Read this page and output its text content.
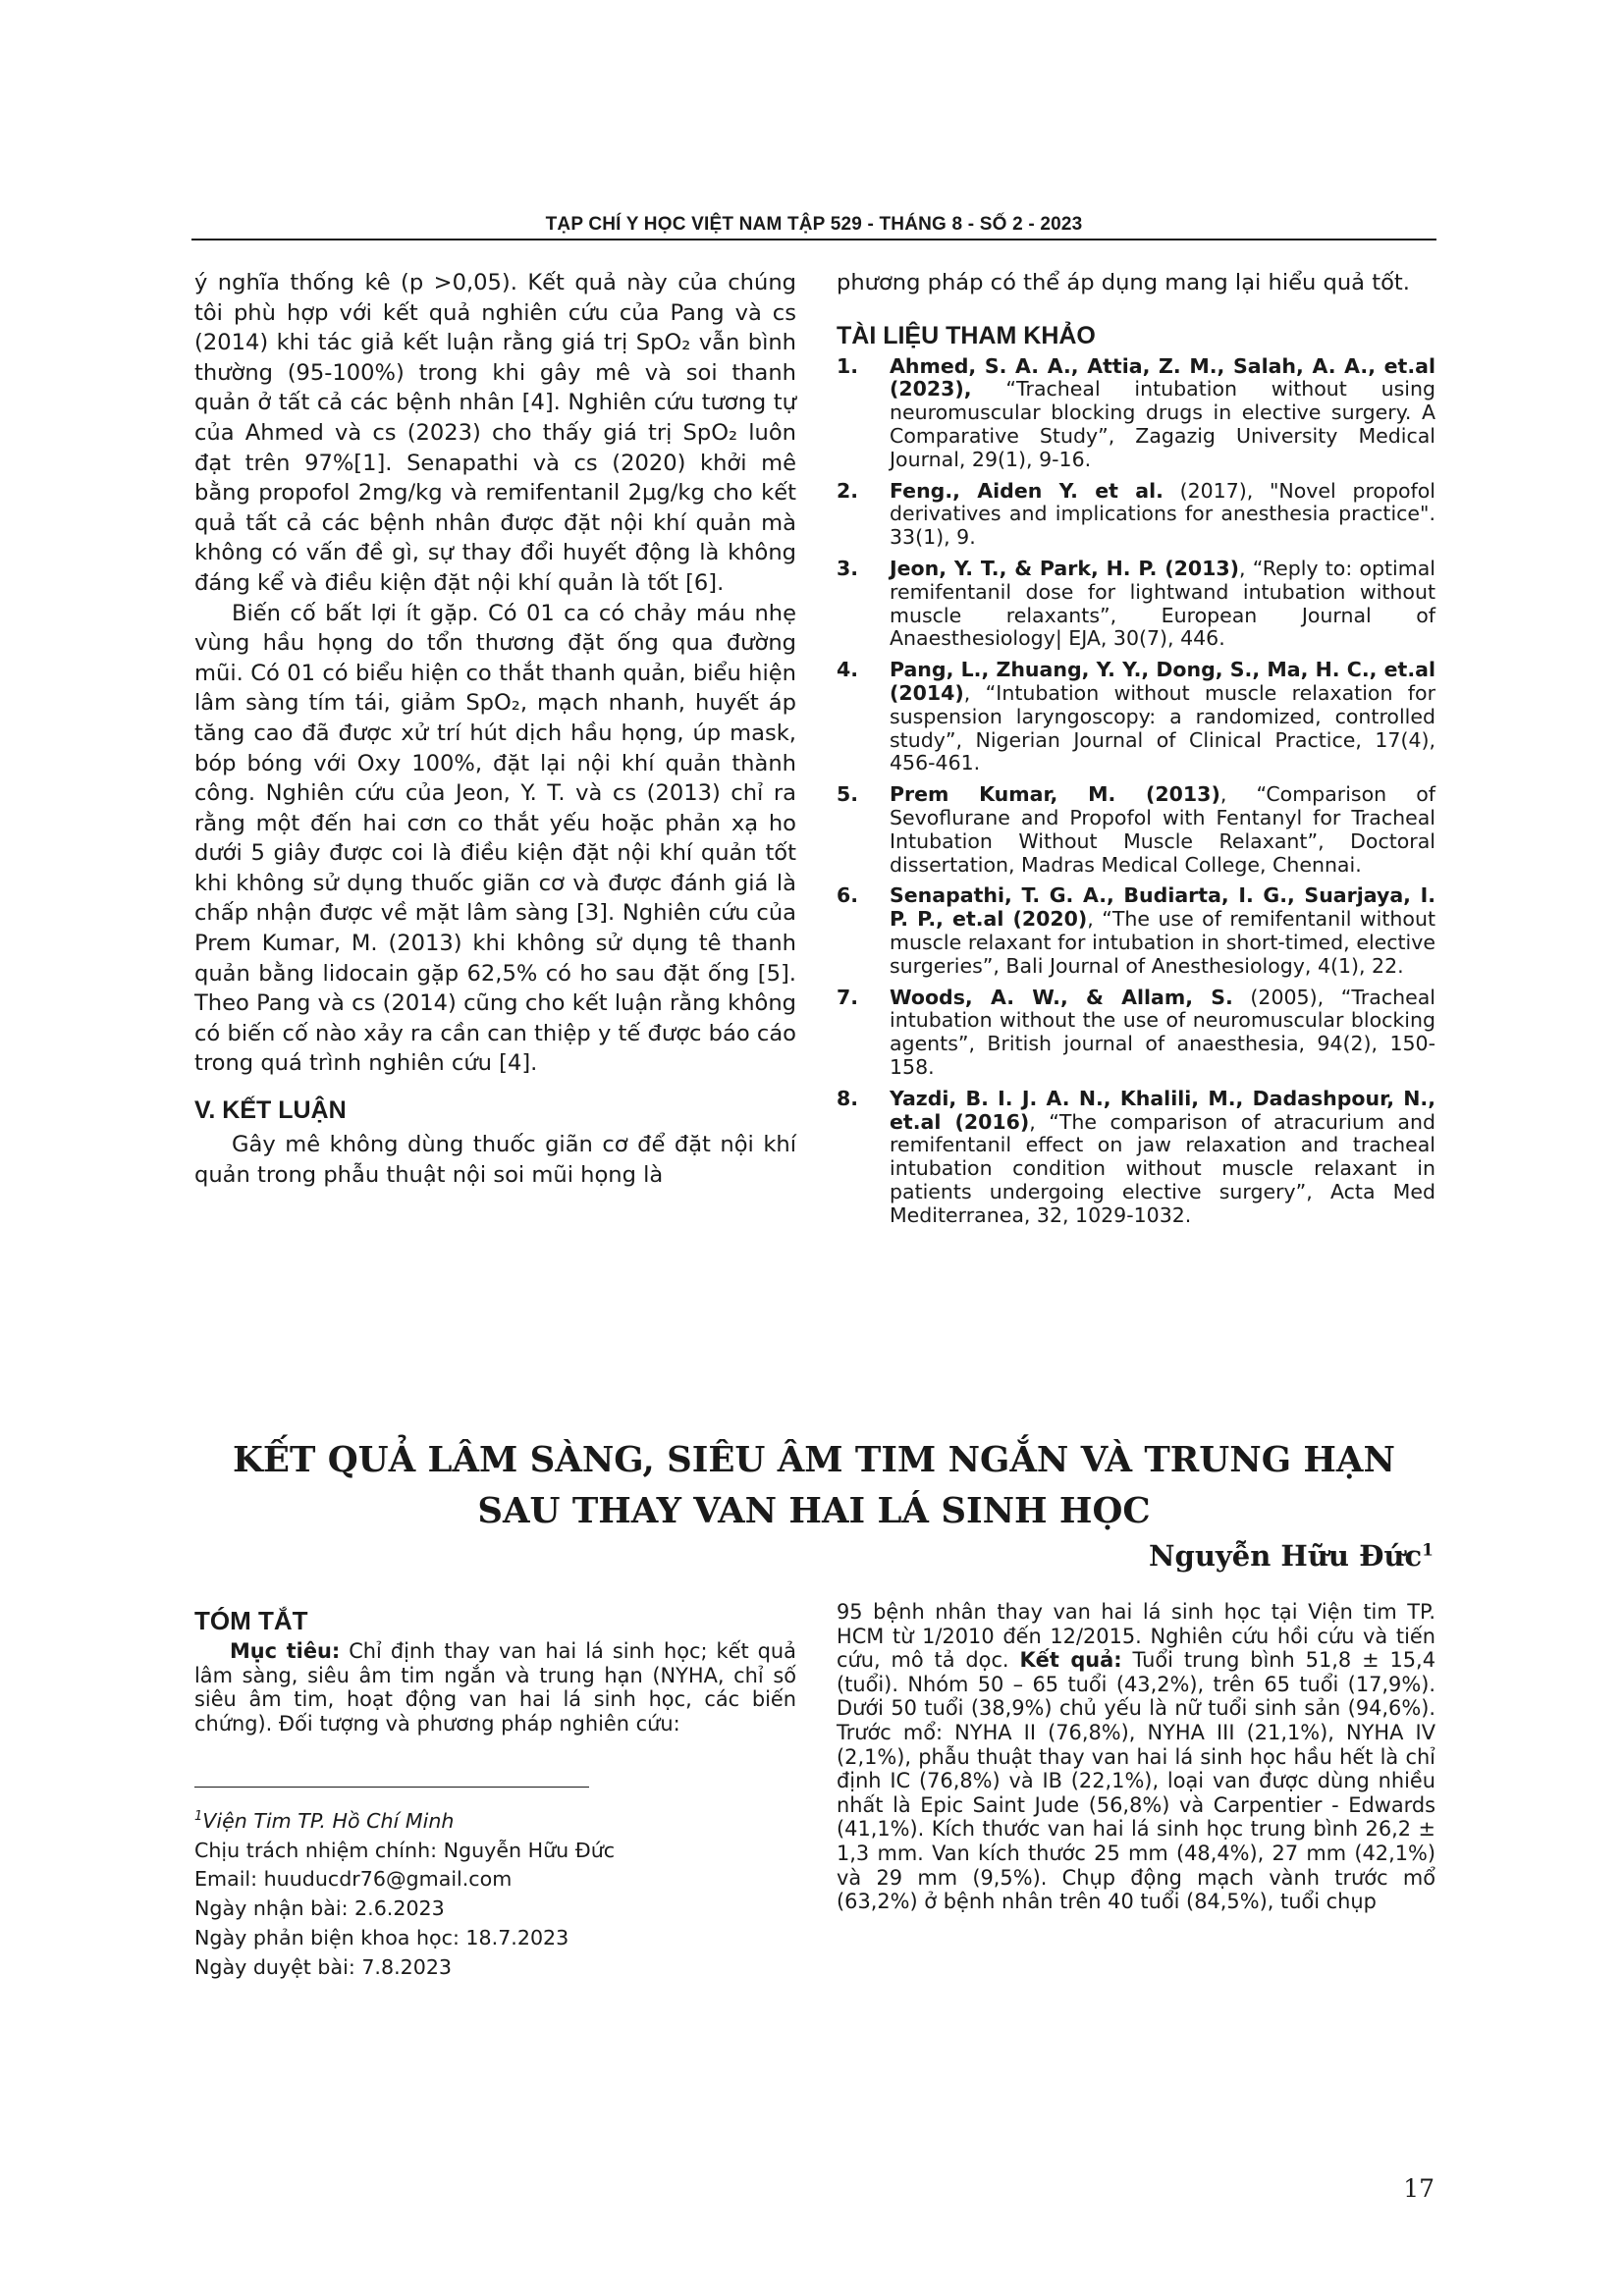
TẠP CHÍ Y HỌC VIỆT NAM TẬP 529 - THÁNG 8 - SỐ 2 - 2023

ý nghĩa thống kê (p >0,05). Kết quả này của chúng tôi phù hợp với kết quả nghiên cứu của Pang và cs (2014) khi tác giả kết luận rằng giá trị SpO₂ vẫn bình thường (95-100%) trong khi gây mê và soi thanh quản ở tất cả các bệnh nhân [4]. Nghiên cứu tương tự của Ahmed và cs (2023) cho thấy giá trị SpO₂ luôn đạt trên 97%[1]. Senapathi và cs (2020) khởi mê bằng propofol 2mg/kg và remifentanil 2µg/kg cho kết quả tất cả các bệnh nhân được đặt nội khí quản mà không có vấn đề gì, sự thay đổi huyết động là không đáng kể và điều kiện đặt nội khí quản là tốt [6].

Biến cố bất lợi ít gặp. Có 01 ca có chảy máu nhẹ vùng hầu họng do tổn thương đặt ống qua đường mũi. Có 01 có biểu hiện co thắt thanh quản, biểu hiện lâm sàng tím tái, giảm SpO₂, mạch nhanh, huyết áp tăng cao đã được xử trí hút dịch hầu họng, úp mask, bóp bóng với Oxy 100%, đặt lại nội khí quản thành công. Nghiên cứu của Jeon, Y. T. và cs (2013) chỉ ra rằng một đến hai cơn co thắt yếu hoặc phản xạ ho dưới 5 giây được coi là điều kiện đặt nội khí quản tốt khi không sử dụng thuốc giãn cơ và được đánh giá là chấp nhận được về mặt lâm sàng [3]. Nghiên cứu của Prem Kumar, M. (2013) khi không sử dụng tê thanh quản bằng lidocain gặp 62,5% có ho sau đặt ống [5]. Theo Pang và cs (2014) cũng cho kết luận rằng không có biến cố nào xảy ra cần can thiệp y tế được báo cáo trong quá trình nghiên cứu [4].

V. KẾT LUẬN

Gây mê không dùng thuốc giãn cơ để đặt nội khí quản trong phẫu thuật nội soi mũi họng là

phương pháp có thể áp dụng mang lại hiểu quả tốt.

TÀI LIỆU THAM KHẢO
1. Ahmed, S. A. A., Attia, Z. M., Salah, A. A., et.al (2023), “Tracheal intubation without using neuromuscular blocking drugs in elective surgery. A Comparative Study”, Zagazig University Medical Journal, 29(1), 9-16.
2. Feng., Aiden Y. et al. (2017), "Novel propofol derivatives and implications for anesthesia practice". 33(1), 9.
3. Jeon, Y. T., & Park, H. P. (2013), “Reply to: optimal remifentanil dose for lightwand intubation without muscle relaxants”, European Journal of Anaesthesiology| EJA, 30(7), 446.
4. Pang, L., Zhuang, Y. Y., Dong, S., Ma, H. C., et.al (2014), “Intubation without muscle relaxation for suspension laryngoscopy: a randomized, controlled study”, Nigerian Journal of Clinical Practice, 17(4), 456-461.
5. Prem Kumar, M. (2013), “Comparison of Sevoflurane and Propofol with Fentanyl for Tracheal Intubation Without Muscle Relaxant”, Doctoral dissertation, Madras Medical College, Chennai.
6. Senapathi, T. G. A., Budiarta, I. G., Suarjaya, I. P. P., et.al (2020), “The use of remifentanil without muscle relaxant for intubation in short-timed, elective surgeries”, Bali Journal of Anesthesiology, 4(1), 22.
7. Woods, A. W., & Allam, S. (2005), “Tracheal intubation without the use of neuromuscular blocking agents”, British journal of anaesthesia, 94(2), 150-158.
8. Yazdi, B. I. J. A. N., Khalili, M., Dadashpour, N., et.al (2016), “The comparison of atracurium and remifentanil effect on jaw relaxation and tracheal intubation condition without muscle relaxant in patients undergoing elective surgery”, Acta Med Mediterranea, 32, 1029-1032.
KẾT QUẢ LÂM SÀNG, SIÊU ÂM TIM NGẮN VÀ TRUNG HẠN
SAU THAY VAN HAI LÁ SINH HỌC
Nguyễn Hữu Đức$^1$
TÓM TẮT

Mục tiêu: Chỉ định thay van hai lá sinh học; kết quả lâm sàng, siêu âm tim ngắn và trung hạn (NYHA, chỉ số siêu âm tim, hoạt động van hai lá sinh học, các biến chứng). Đối tượng và phương pháp nghiên cứu:

$^1$Viện Tim TP. Hồ Chí Minh
Chịu trách nhiệm chính: Nguyễn Hữu Đức
Email: huuducdr76@gmail.com
Ngày nhận bài: 2.6.2023
Ngày phản biện khoa học: 18.7.2023
Ngày duyệt bài: 7.8.2023

95 bệnh nhân thay van hai lá sinh học tại Viện tim TP. HCM từ 1/2010 đến 12/2015. Nghiên cứu hồi cứu và tiến cứu, mô tả dọc. Kết quả: Tuổi trung bình 51,8 ± 15,4 (tuổi). Nhóm 50 – 65 tuổi (43,2%), trên 65 tuổi (17,9%). Dưới 50 tuổi (38,9%) chủ yếu là nữ tuổi sinh sản (94,6%). Trước mổ: NYHA II (76,8%), NYHA III (21,1%), NYHA IV (2,1%), phẫu thuật thay van hai lá sinh học hầu hết là chỉ định IC (76,8%) và IB (22,1%), loại van được dùng nhiều nhất là Epic Saint Jude (56,8%) và Carpentier - Edwards (41,1%). Kích thước van hai lá sinh học trung bình 26,2 ± 1,3 mm. Van kích thước 25 mm (48,4%), 27 mm (42,1%) và 29 mm (9,5%). Chụp động mạch vành trước mổ (63,2%) ở bệnh nhân trên 40 tuổi (84,5%), tuổi chụp

17
